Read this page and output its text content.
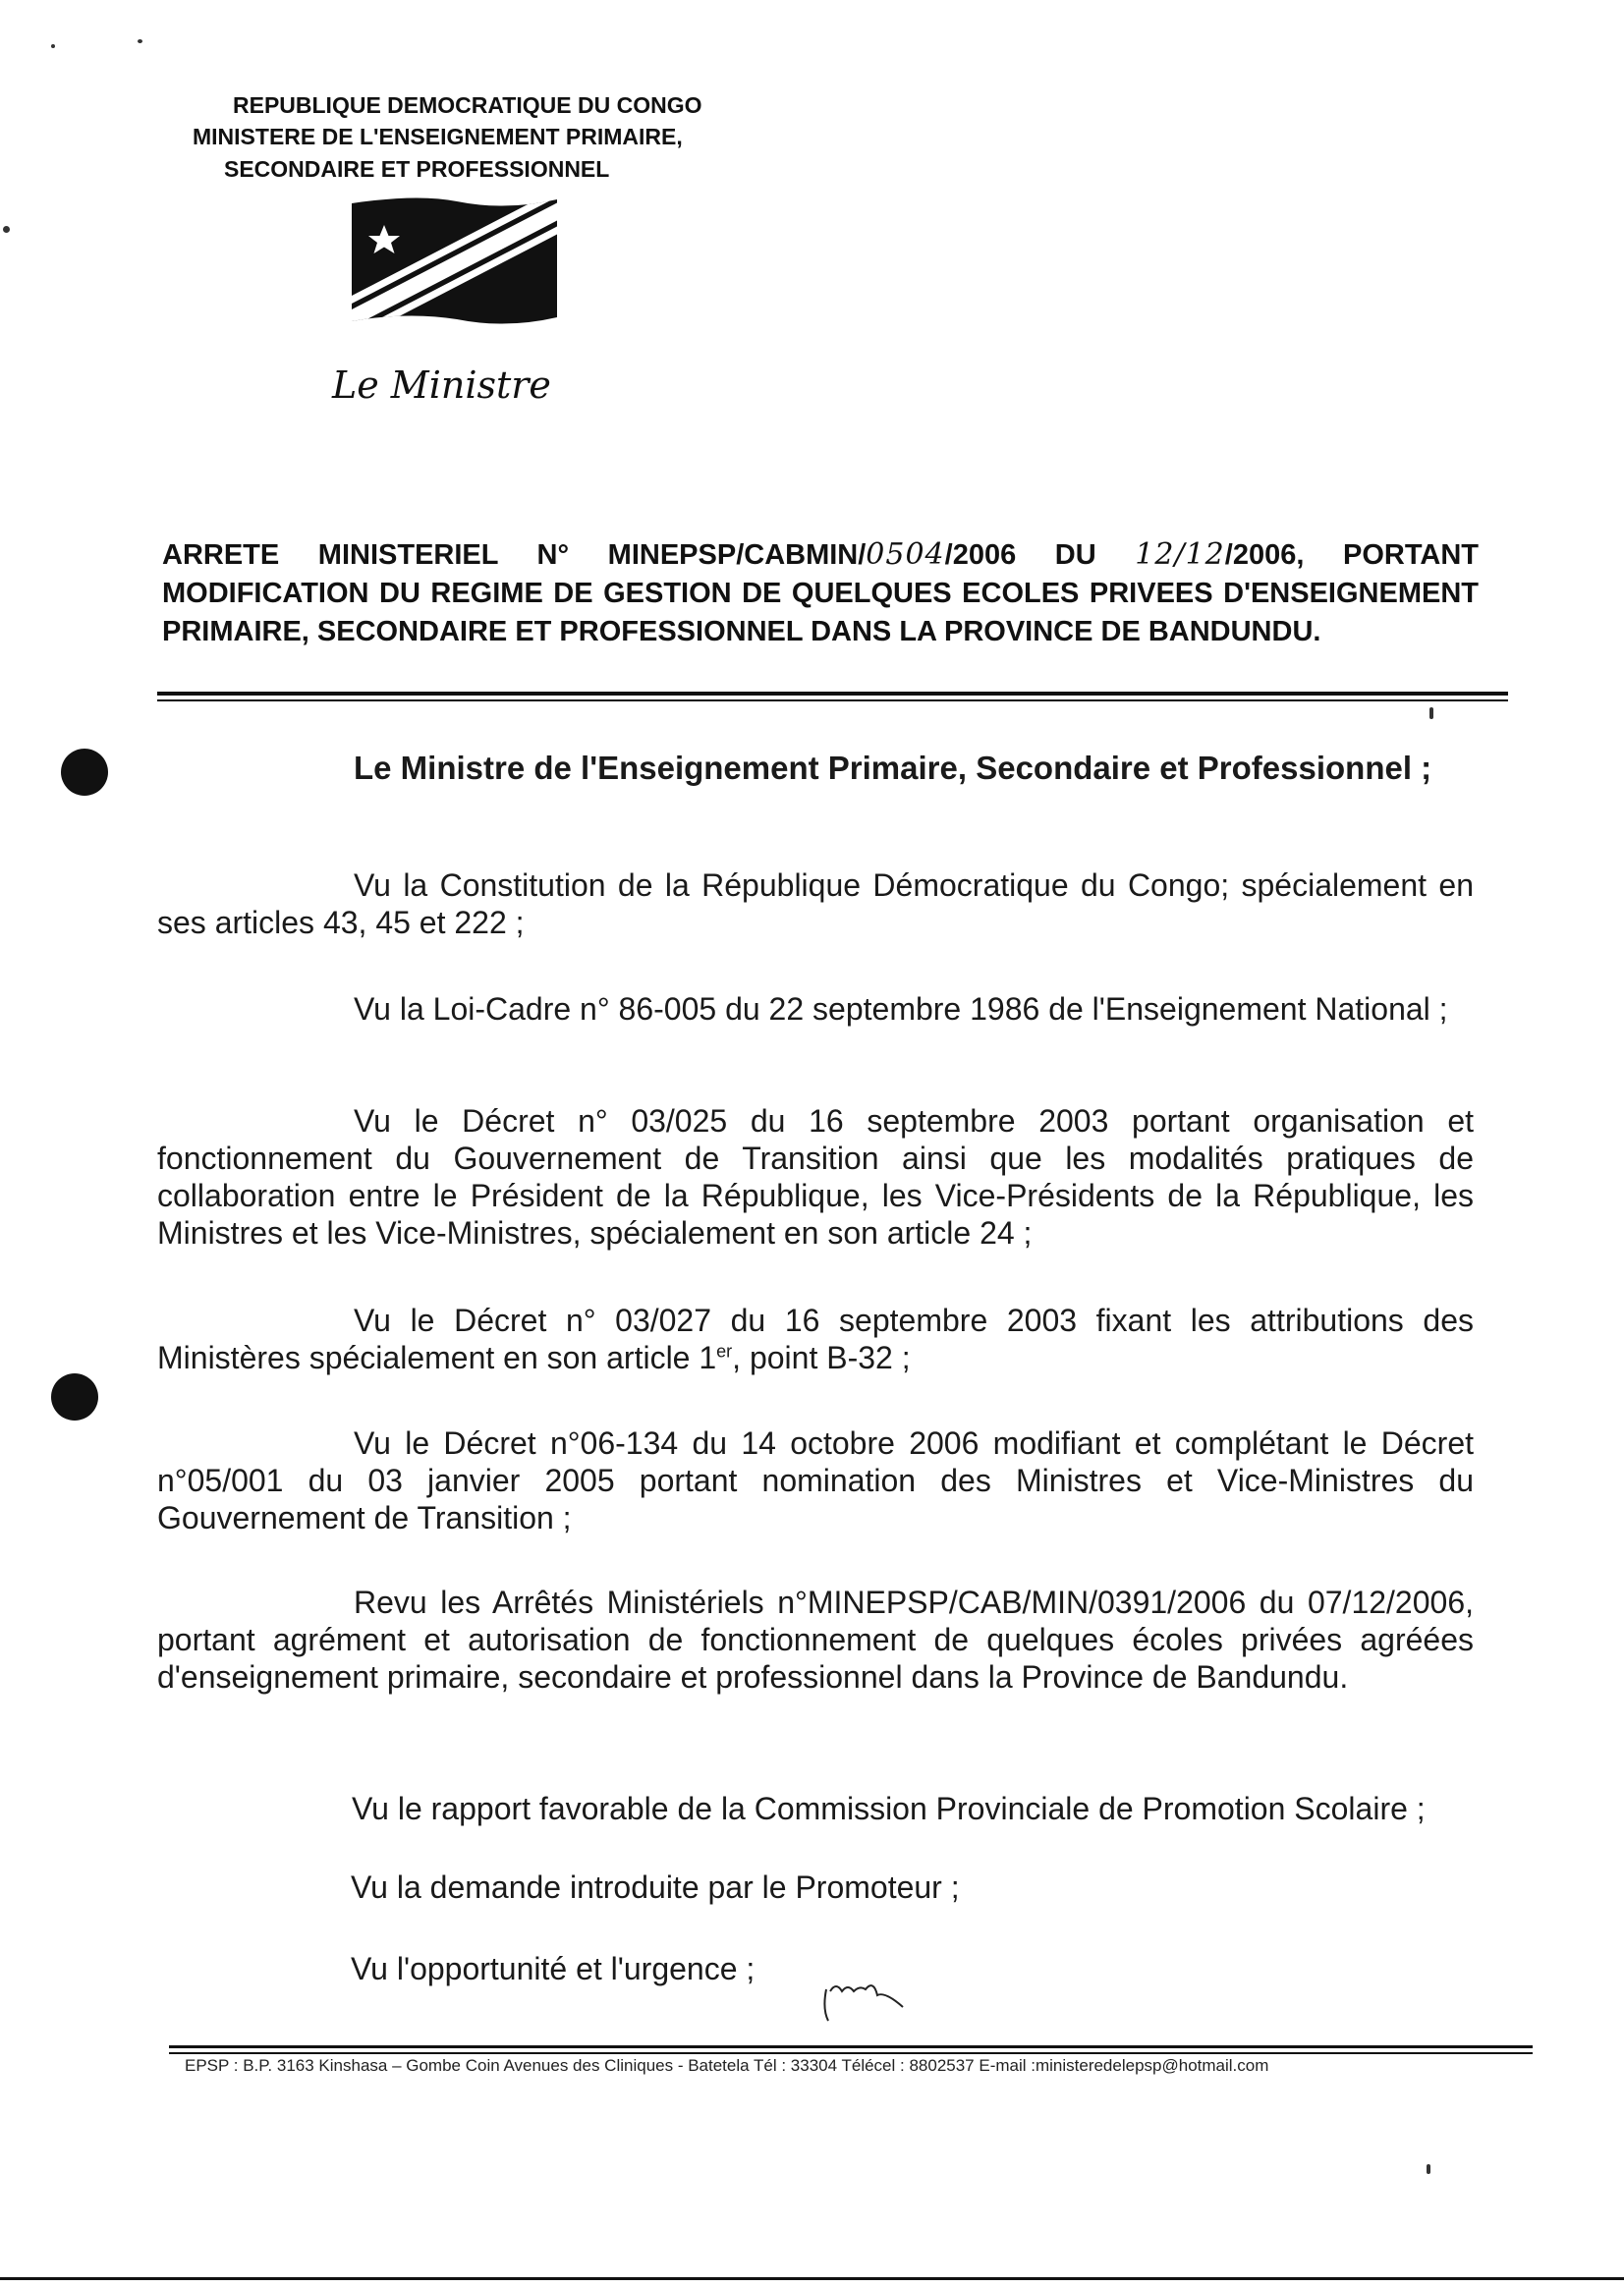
REPUBLIQUE DEMOCRATIQUE DU CONGO
MINISTERE DE L'ENSEIGNEMENT PRIMAIRE,
SECONDAIRE ET PROFESSIONNEL
Le Ministre
ARRETE MINISTERIEL N° MINEPSP/CABMIN/0504/2006 DU 12/12/2006, PORTANT MODIFICATION DU REGIME DE GESTION DE QUELQUES ECOLES PRIVEES D'ENSEIGNEMENT PRIMAIRE, SECONDAIRE ET PROFESSIONNEL DANS LA PROVINCE DE BANDUNDU.
Le Ministre de l'Enseignement Primaire, Secondaire et Professionnel ;
Vu la Constitution de la République Démocratique du Congo; spécialement en ses articles 43, 45 et 222 ;
Vu la Loi-Cadre n° 86-005 du 22 septembre 1986 de l'Enseignement National ;
Vu le Décret n° 03/025 du 16 septembre 2003 portant organisation et fonctionnement du Gouvernement de Transition ainsi que les modalités pratiques de collaboration entre le Président de la République, les Vice-Présidents de la République, les Ministres et les Vice-Ministres, spécialement en son article 24 ;
Vu le Décret n° 03/027 du 16 septembre 2003 fixant les attributions des Ministères spécialement en son article 1er, point B-32 ;
Vu le Décret n°06-134 du 14 octobre 2006 modifiant et complétant le Décret n°05/001 du 03 janvier 2005 portant nomination des Ministres et Vice-Ministres du Gouvernement de Transition ;
Revu les Arrêtés Ministériels n°MINEPSP/CAB/MIN/0391/2006 du 07/12/2006, portant agrément et autorisation de fonctionnement de quelques écoles privées agréées d'enseignement primaire, secondaire et professionnel dans la Province de Bandundu.
Vu le rapport favorable de la Commission Provinciale de Promotion Scolaire ;
Vu la demande introduite par le Promoteur ;
Vu l'opportunité et l'urgence ;
EPSP : B.P. 3163 Kinshasa – Gombe Coin Avenues des Cliniques - Batetela Tél : 33304 Télécel : 8802537 E-mail :ministeredelepsp@hotmail.com
